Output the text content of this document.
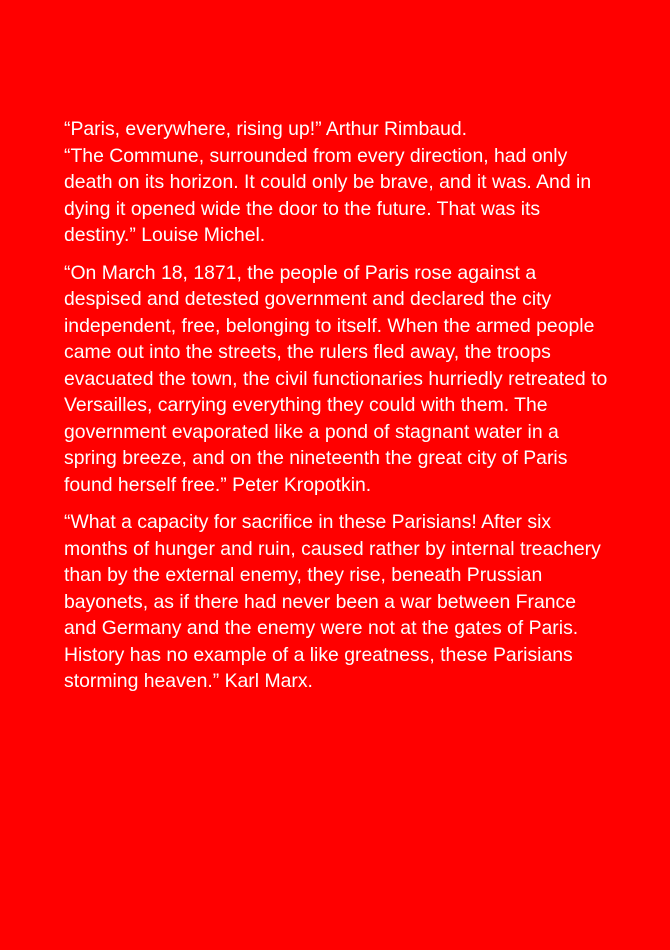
“Paris, everywhere, rising up!” Arthur Rimbaud.
“The Commune, surrounded from every direction, had only
death on its horizon. It could only be brave, and it was. And in
dying it opened wide the door to the future. That was its
destiny.” Louise Michel.

“On March 18, 1871, the people of Paris rose against a
despised and detested government and declared the city
independent, free, belonging to itself. When the armed people
came out into the streets, the rulers fled away, the troops
evacuated the town, the civil functionaries hurriedly retreated to
Versailles, carrying everything they could with them. The
government evaporated like a pond of stagnant water in a
spring breeze, and on the nineteenth the great city of Paris
found herself free.” Peter Kropotkin.

“What a capacity for sacrifice in these Parisians! After six
months of hunger and ruin, caused rather by internal treachery
than by the external enemy, they rise, beneath Prussian
bayonets, as if there had never been a war between France
and Germany and the enemy were not at the gates of Paris.
History has no example of a like greatness, these Parisians
storming heaven.” Karl Marx.
